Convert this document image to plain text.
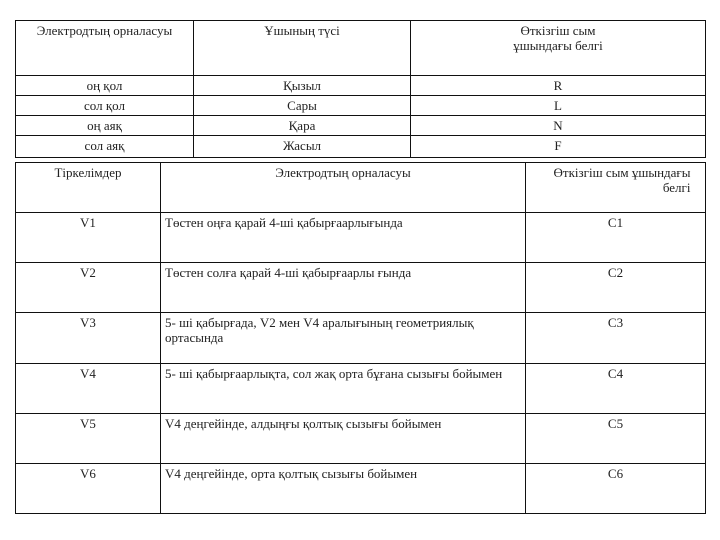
Электродтың орналасуы	Ұшының түсі	Өткізгіш сым ұшындағы белгі

оң қол	Қызыл	R
сол қол	Сары	L
оң аяқ	Қара	N
сол аяқ	Жасыл	F
Тіркелімдер	Электродтың орналасуы	Өткізгіш сым ұшындағы белгі

V1	Төстен оңға қарай 4-ші қабырғаарлығында	C1
V2	Төстен солға қарай 4-ші қабырғаарлы ғында	C2
V3	5- ші қабырғада, V2 мен V4 аралығының геометриялық ортасында	C3
V4	5- ші қабырғаарлықта, сол жақ орта бұғана сызығы бойымен	C4
V5	V4 деңгейінде, алдыңғы қолтық сызығы бойымен	C5
V6	V4 деңгейінде, орта қолтық сызығы бойымен	C6
